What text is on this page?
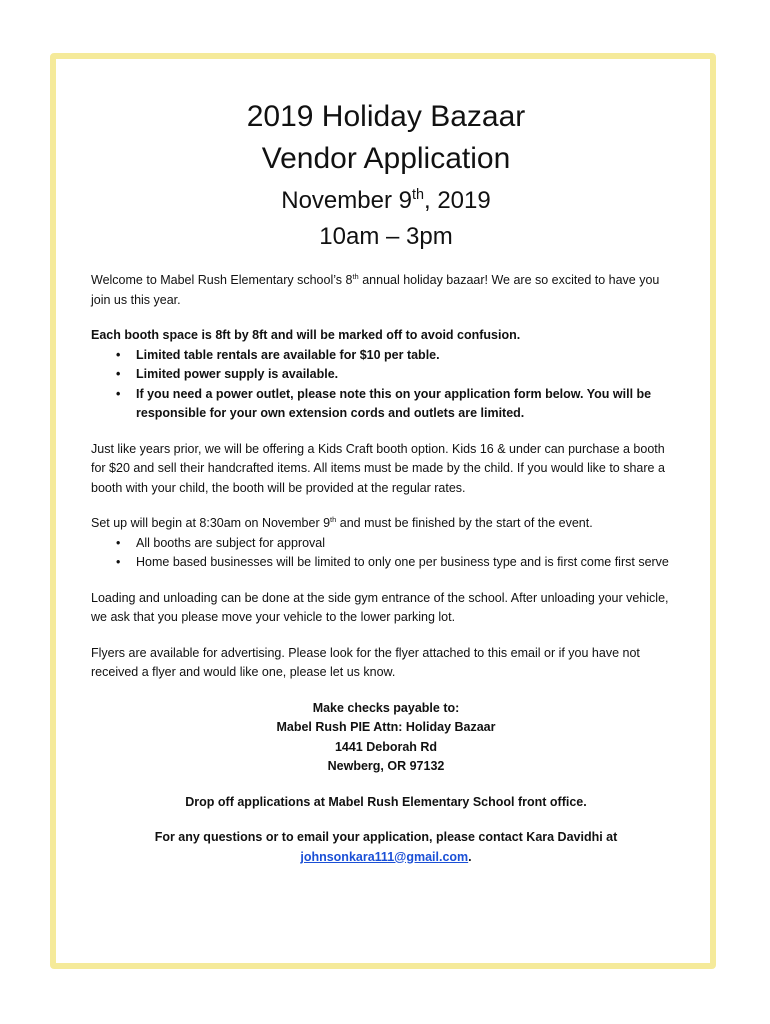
2019 Holiday Bazaar
Vendor Application
November 9th, 2019
10am – 3pm

Welcome to Mabel Rush Elementary school’s 8th annual holiday bazaar! We are so excited to have you join us this year.

Each booth space is 8ft by 8ft and will be marked off to avoid confusion.

• Limited table rentals are available for $10 per table.
• Limited power supply is available.
• If you need a power outlet, please note this on your application form below. You will be responsible for your own extension cords and outlets are limited.

Just like years prior, we will be offering a Kids Craft booth option. Kids 16 & under can purchase a booth for $20 and sell their handcrafted items. All items must be made by the child. If you would like to share a booth with your child, the booth will be provided at the regular rates.

Set up will begin at 8:30am on November 9th and must be finished by the start of the event.

• All booths are subject for approval
• Home based businesses will be limited to only one per business type and is first come first serve

Loading and unloading can be done at the side gym entrance of the school. After unloading your vehicle, we ask that you please move your vehicle to the lower parking lot.

Flyers are available for advertising. Please look for the flyer attached to this email or if you have not received a flyer and would like one, please let us know.

Make checks payable to:

Mabel Rush PIE Attn: Holiday Bazaar

1441 Deborah Rd

Newberg, OR 97132

Drop off applications at Mabel Rush Elementary School front office.

For any questions or to email your application, please contact Kara Davidhi at

johnsonkara111@gmail.com.
